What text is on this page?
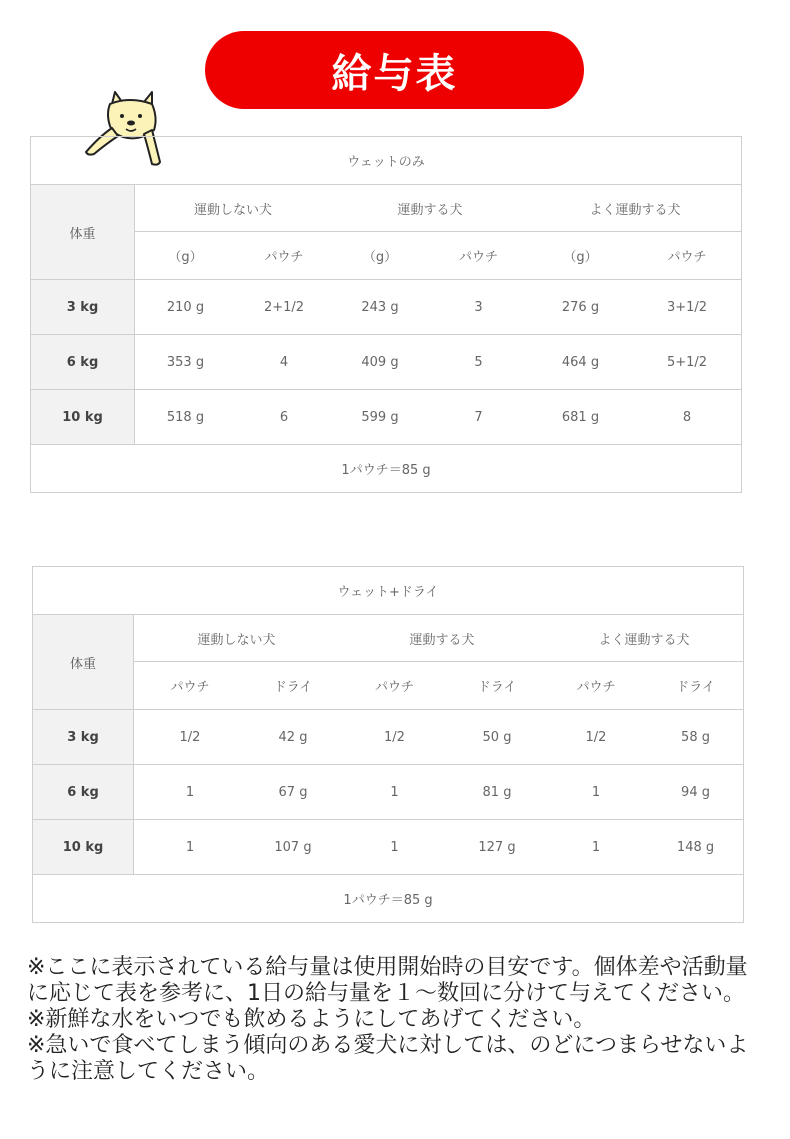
給与表
ウェットのみ						
体重	運動しない犬		運動する犬		よく運動する犬	
	（g）	パウチ	（g）	パウチ	（g）	パウチ
3 kg	210 g	2+1/2	243 g	3	276 g	3+1/2
6 kg	353 g	4	409 g	5	464 g	5+1/2
10 kg	518 g	6	599 g	7	681 g	8
1パウチ＝85 g						
ウェット+ドライ						
体重	運動しない犬		運動する犬		よく運動する犬	
	パウチ	ドライ	パウチ	ドライ	パウチ	ドライ
3 kg	1/2	42 g	1/2	50 g	1/2	58 g
6 kg	1	67 g	1	81 g	1	94 g
10 kg	1	107 g	1	127 g	1	148 g
1パウチ＝85 g						

※ここに表示されている給与量は使用開始時の目安です。個体差や活動量に応じて表を参考に、1日の給与量を１～数回に分けて与えてください。

※新鮮な水をいつでも飲めるようにしてあげてください。

※急いで食べてしまう傾向のある愛犬に対しては、のどにつまらせないように注意してください。
